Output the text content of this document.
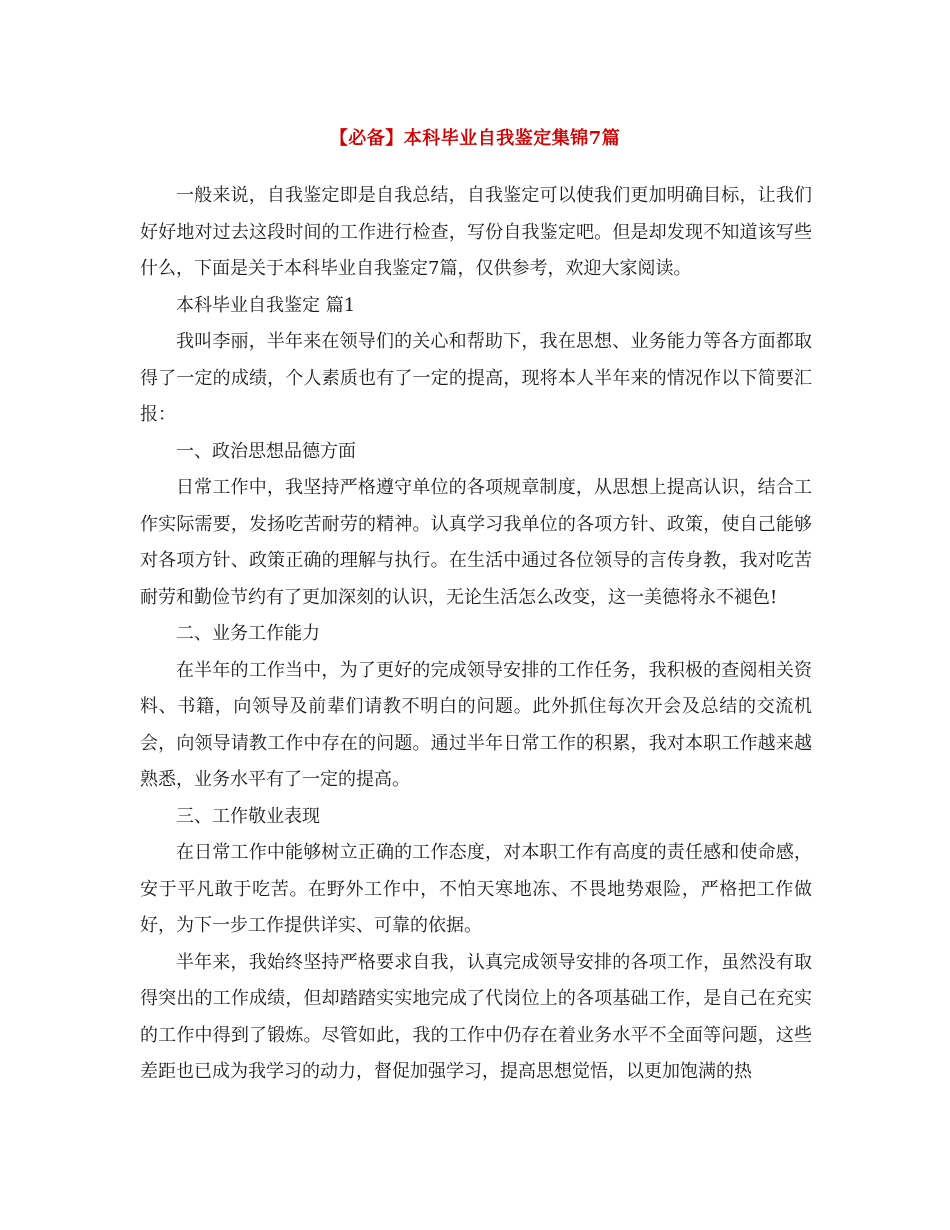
【必备】本科毕业自我鉴定集锦7篇

一般来说，自我鉴定即是自我总结，自我鉴定可以使我们更加明确目标，让我们好好地对过去这段时间的工作进行检查，写份自我鉴定吧。但是却发现不知道该写些什么，下面是关于本科毕业自我鉴定7篇，仅供参考，欢迎大家阅读。

本科毕业自我鉴定 篇1

我叫李丽，半年来在领导们的关心和帮助下，我在思想、业务能力等各方面都取得了一定的成绩，个人素质也有了一定的提高，现将本人半年来的情况作以下简要汇报：

一、政治思想品德方面

日常工作中，我坚持严格遵守单位的各项规章制度，从思想上提高认识，结合工作实际需要，发扬吃苦耐劳的精神。认真学习我单位的各项方针、政策，使自己能够对各项方针、政策正确的理解与执行。在生活中通过各位领导的言传身教，我对吃苦耐劳和勤俭节约有了更加深刻的认识，无论生活怎么改变，这一美德将永不褪色!

二、业务工作能力

在半年的工作当中，为了更好的完成领导安排的工作任务，我积极的查阅相关资料、书籍，向领导及前辈们请教不明白的问题。此外抓住每次开会及总结的交流机会，向领导请教工作中存在的问题。通过半年日常工作的积累，我对本职工作越来越熟悉，业务水平有了一定的提高。

三、工作敬业表现

在日常工作中能够树立正确的工作态度，对本职工作有高度的责任感和使命感，安于平凡敢于吃苦。在野外工作中，不怕天寒地冻、不畏地势艰险，严格把工作做好，为下一步工作提供详实、可靠的依据。

半年来，我始终坚持严格要求自我，认真完成领导安排的各项工作，虽然没有取得突出的工作成绩，但却踏踏实实地完成了代岗位上的各项基础工作，是自己在充实的工作中得到了锻炼。尽管如此，我的工作中仍存在着业务水平不全面等问题，这些差距也已成为我学习的动力，督促加强学习，提高思想觉悟，以更加饱满的热
